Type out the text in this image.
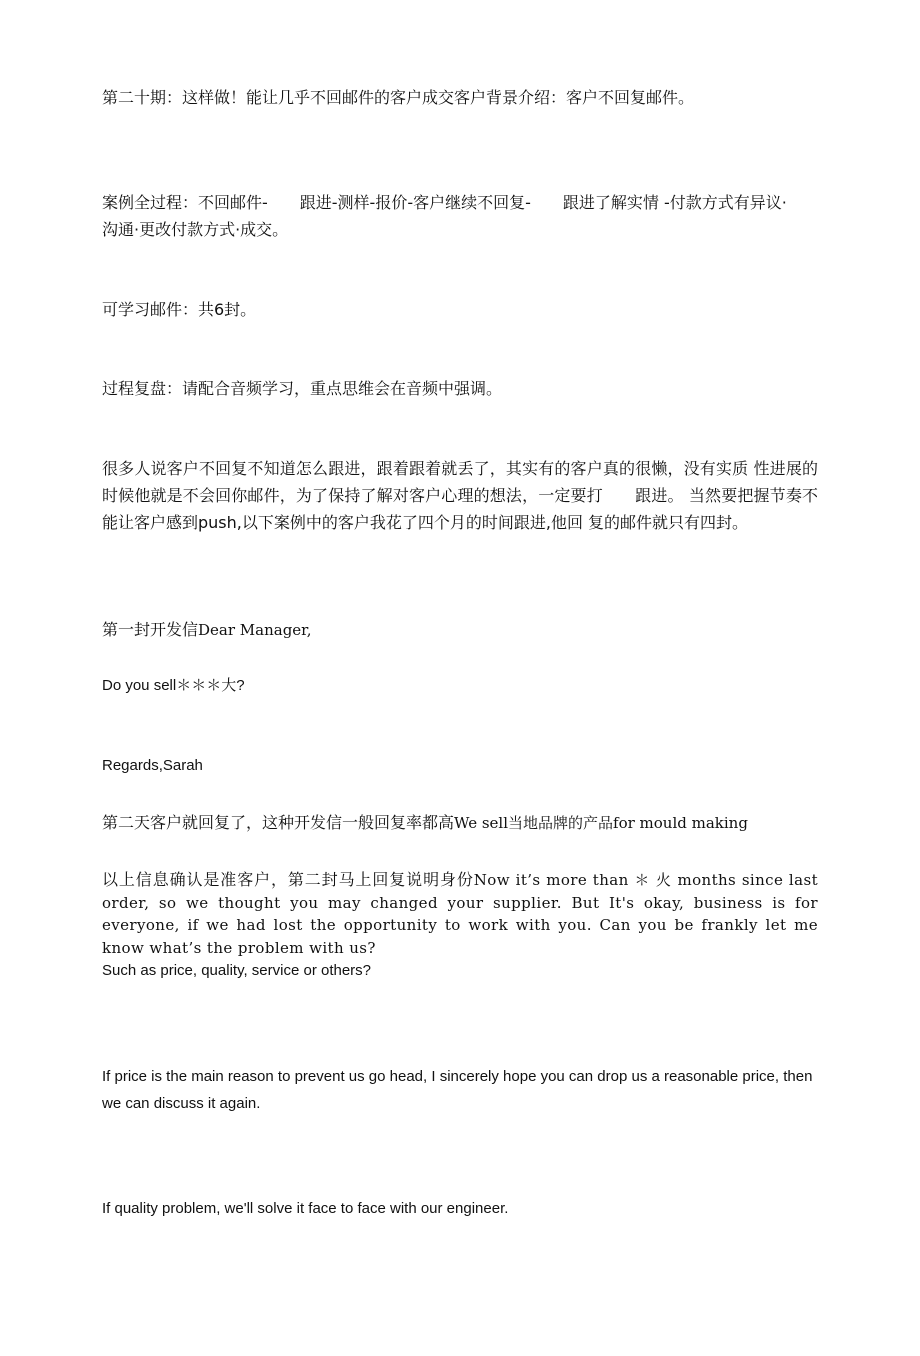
第二十期：这样做！能让几乎不回邮件的客户成交客户背景介绍：客户不回复邮件。

案例全过程：不回邮件-　　跟进-测样-报价-客户继续不回复-　　跟进了解实情 -付款方式有异议·　　沟通·更改付款方式·成交。

可学习邮件：共6封。

过程复盘：请配合音频学习，重点思维会在音频中强调。

很多人说客户不回复不知道怎么跟进，跟着跟着就丢了，其实有的客户真的很懒，没有实质 性进展的时候他就是不会回你邮件，为了保持了解对客户心理的想法，一定要打　　跟进。 当然要把握节奏不能让客户感到push,以下案例中的客户我花了四个月的时间跟进,他回 复的邮件就只有四封。

第一封开发信Dear Manager,

Do you sell＊＊＊大?

Regards,Sarah

第二天客户就回复了，这种开发信一般回复率都高We sell当地品牌的产品for mould making

以上信息确认是准客户，第二封马上回复说明身份Now it’s more than ＊ 火 months since last order, so we thought you may changed your supplier. But It's okay, business is for everyone, if we had lost the opportunity to work with you. Can you be frankly let me know what’s the problem with us?

Such as price, quality, service or others?

If price is the main reason to prevent us go head, I sincerely hope you can drop us a reasonable price, then we can discuss it again.

If quality problem, we'll solve it face to face with our engineer.
